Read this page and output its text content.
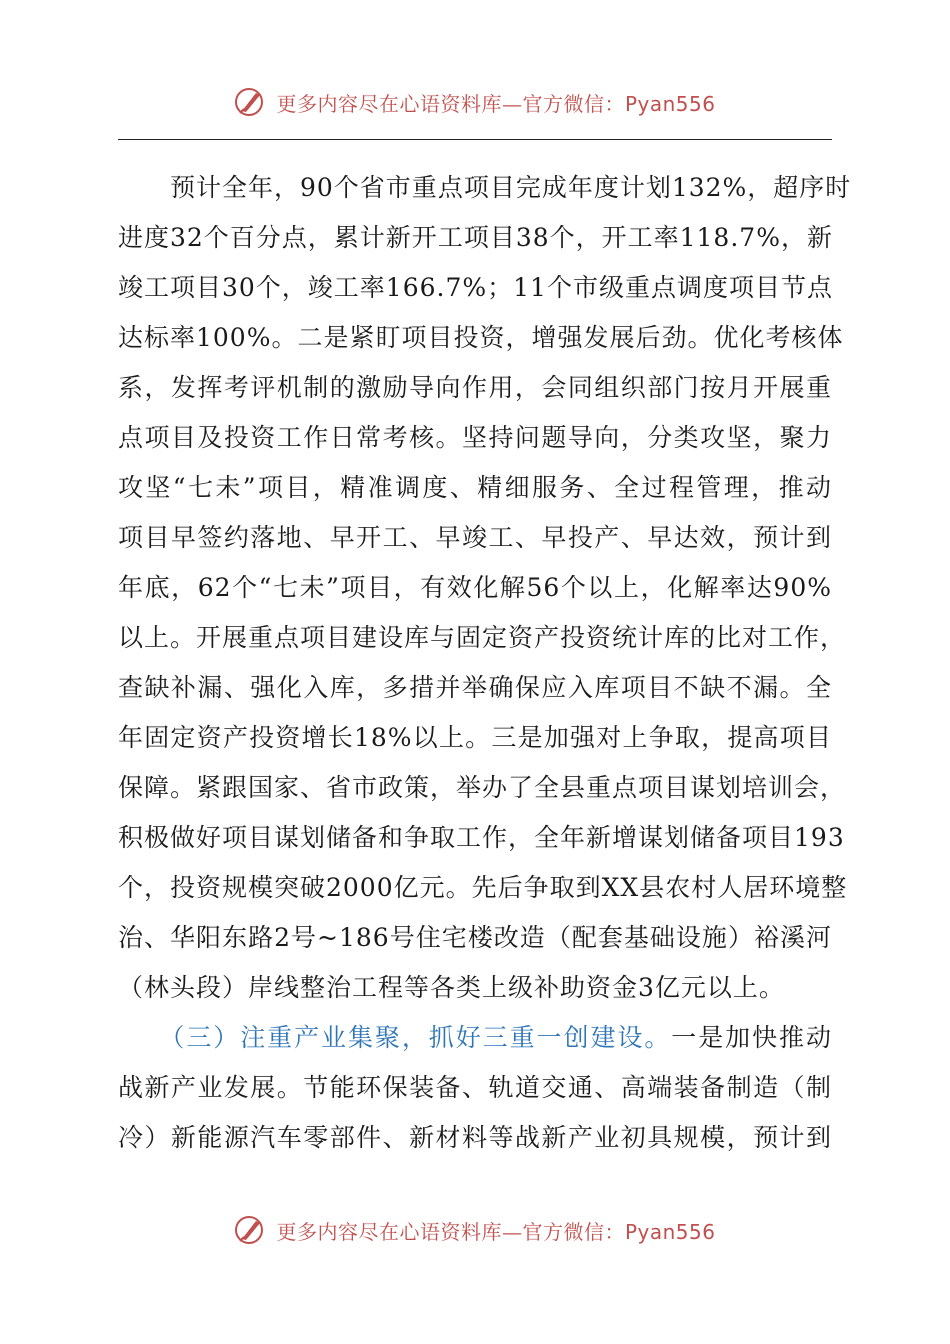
更多内容尽在心语资料库—官方微信：Pyan556
　　预计全年，90个省市重点项目完成年度计划132%，超序时
进度32个百分点，累计新开工项目38个，开工率118.7%，新
竣工项目30个，竣工率166.7%；11个市级重点调度项目节点
达标率100%。二是紧盯项目投资，增强发展后劲。优化考核体
系，发挥考评机制的激励导向作用，会同组织部门按月开展重
点项目及投资工作日常考核。坚持问题导向，分类攻坚，聚力
攻坚“七未”项目，精准调度、精细服务、全过程管理，推动
项目早签约落地、早开工、早竣工、早投产、早达效，预计到
年底，62个“七未”项目，有效化解56个以上，化解率达90%
以上。开展重点项目建设库与固定资产投资统计库的比对工作，
查缺补漏、强化入库，多措并举确保应入库项目不缺不漏。全
年固定资产投资增长18%以上。三是加强对上争取，提高项目
保障。紧跟国家、省市政策，举办了全县重点项目谋划培训会，
积极做好项目谋划储备和争取工作，全年新增谋划储备项目193
个，投资规模突破2000亿元。先后争取到XX县农村人居环境整
治、华阳东路2号~186号住宅楼改造（配套基础设施）裕溪河
（林头段）岸线整治工程等各类上级补助资金3亿元以上。
　　（三）注重产业集聚，抓好三重一创建设。一是加快推动
战新产业发展。节能环保装备、轨道交通、高端装备制造（制
冷）新能源汽车零部件、新材料等战新产业初具规模，预计到
更多内容尽在心语资料库—官方微信：Pyan556
